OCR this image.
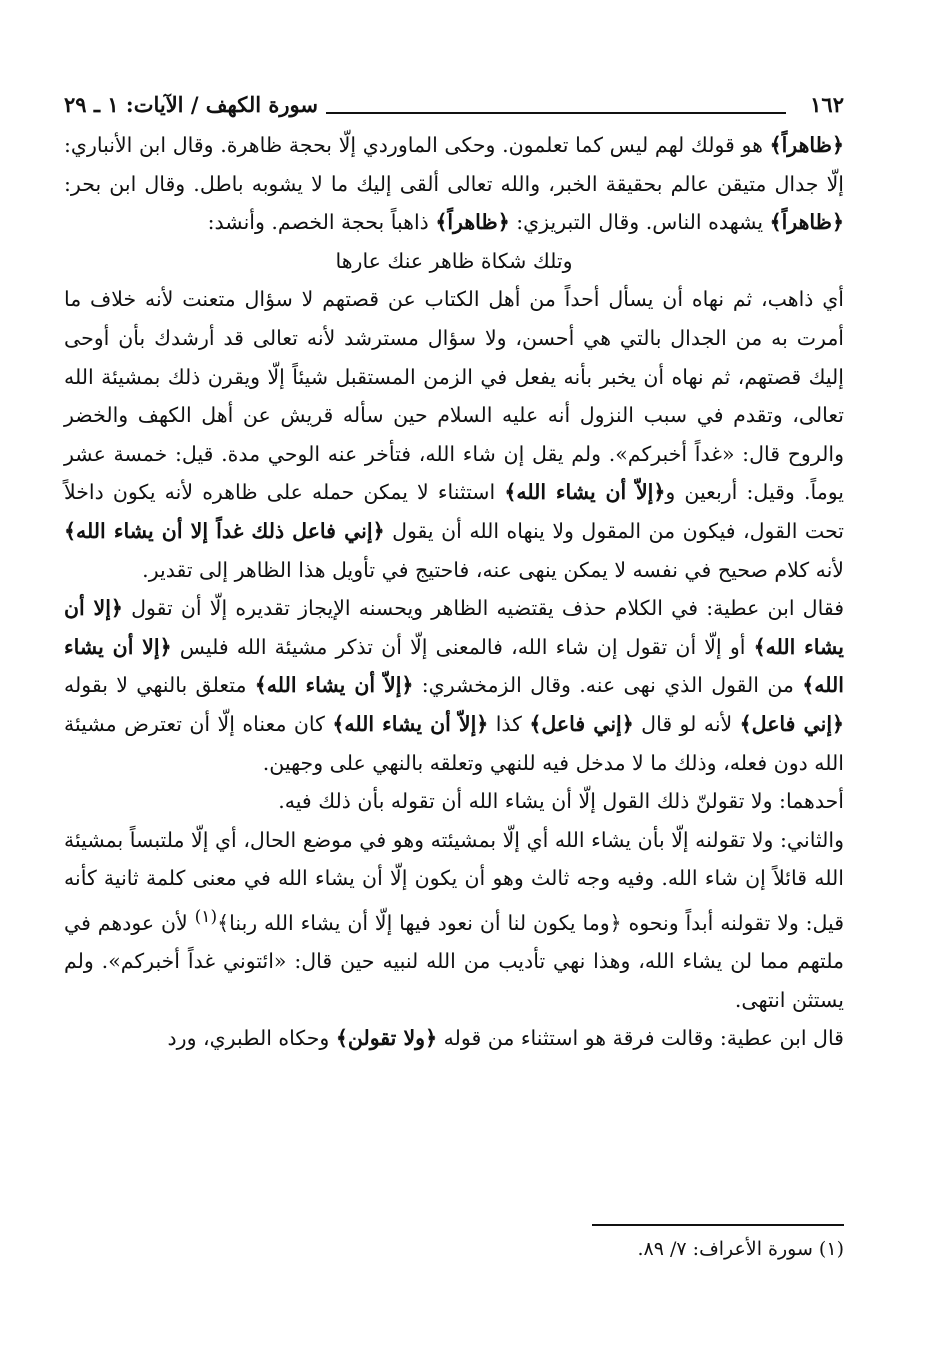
١٦٢
سورة الكهف / الآيات: ١ ـ ٢٩

﴿ظاهراً﴾ هو قولك لهم ليس كما تعلمون. وحكى الماوردي إلّا بحجة ظاهرة. وقال ابن الأنباري: إلّا جدال متيقن عالم بحقيقة الخبر، والله تعالى ألقى إليك ما لا يشوبه باطل. وقال ابن بحر: ﴿ظاهراً﴾ يشهده الناس. وقال التبريزي: ﴿ظاهراً﴾ ذاهباً بحجة الخصم. وأنشد:

وتلك شكاة ظاهر عنك عارها

أي ذاهب، ثم نهاه أن يسأل أحداً من أهل الكتاب عن قصتهم لا سؤال متعنت لأنه خلاف ما أمرت به من الجدال بالتي هي أحسن، ولا سؤال مسترشد لأنه تعالى قد أرشدك بأن أوحى إليك قصتهم، ثم نهاه أن يخبر بأنه يفعل في الزمن المستقبل شيئاً إلّا ويقرن ذلك بمشيئة الله تعالى، وتقدم في سبب النزول أنه عليه السلام حين سأله قريش عن أهل الكهف والخضر والروح قال: «غداً أخبركم». ولم يقل إن شاء الله، فتأخر عنه الوحي مدة. قيل: خمسة عشر يوماً. وقيل: أربعين و﴿إلاّ أن يشاء الله﴾ استثناء لا يمكن حمله على ظاهره لأنه يكون داخلاً تحت القول، فيكون من المقول ولا ينهاه الله أن يقول ﴿إني فاعل ذلك غداً إلا أن يشاء الله﴾ لأنه كلام صحيح في نفسه لا يمكن ينهى عنه، فاحتيج في تأويل هذا الظاهر إلى تقدير.

فقال ابن عطية: في الكلام حذف يقتضيه الظاهر ويحسنه الإيجاز تقديره إلّا أن تقول ﴿إلا أن يشاء الله﴾ أو إلّا أن تقول إن شاء الله، فالمعنى إلّا أن تذكر مشيئة الله فليس ﴿إلا أن يشاء الله﴾ من القول الذي نهى عنه. وقال الزمخشري: ﴿إلاّ أن يشاء الله﴾ متعلق بالنهي لا بقوله ﴿إني فاعل﴾ لأنه لو قال ﴿إني فاعل﴾ كذا ﴿إلاّ أن يشاء الله﴾ كان معناه إلّا أن تعترض مشيئة الله دون فعله، وذلك ما لا مدخل فيه للنهي وتعلقه بالنهي على وجهين.

أحدهما: ولا تقولنّ ذلك القول إلّا أن يشاء الله أن تقوله بأن ذلك فيه.

والثاني: ولا تقولنه إلّا بأن يشاء الله أي إلّا بمشيئته وهو في موضع الحال، أي إلّا ملتبساً بمشيئة الله قائلاً إن شاء الله. وفيه وجه ثالث وهو أن يكون إلّا أن يشاء الله في معنى كلمة ثانية كأنه قيل: ولا تقولنه أبداً ونحوه ﴿وما يكون لنا أن نعود فيها إلّا أن يشاء الله ربنا﴾$^{(١)}$ لأن عودهم في ملتهم مما لن يشاء الله، وهذا نهي تأديب من الله لنبيه حين قال: «ائتوني غداً أخبركم». ولم يستثن انتهى.

قال ابن عطية: وقالت فرقة هو استثناء من قوله ﴿ولا تقولن﴾ وحكاه الطبري، ورد

(١) سورة الأعراف: ٧/ ٨٩.
